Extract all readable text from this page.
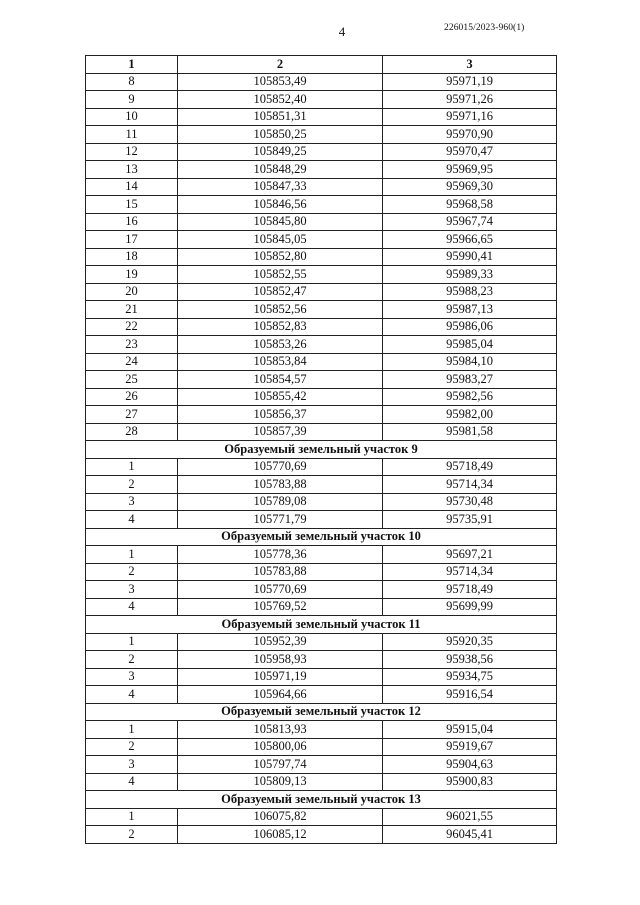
4	226015/2023-960(1)
1	2	3
8	105853,49	95971,19
9	105852,40	95971,26
10	105851,31	95971,16
11	105850,25	95970,90
12	105849,25	95970,47
13	105848,29	95969,95
14	105847,33	95969,30
15	105846,56	95968,58
16	105845,80	95967,74
17	105845,05	95966,65
18	105852,80	95990,41
19	105852,55	95989,33
20	105852,47	95988,23
21	105852,56	95987,13
22	105852,83	95986,06
23	105853,26	95985,04
24	105853,84	95984,10
25	105854,57	95983,27
26	105855,42	95982,56
27	105856,37	95982,00
28	105857,39	95981,58
Образуемый земельный участок 9		
1	105770,69	95718,49
2	105783,88	95714,34
3	105789,08	95730,48
4	105771,79	95735,91
Образуемый земельный участок 10		
1	105778,36	95697,21
2	105783,88	95714,34
3	105770,69	95718,49
4	105769,52	95699,99
Образуемый земельный участок 11		
1	105952,39	95920,35
2	105958,93	95938,56
3	105971,19	95934,75
4	105964,66	95916,54
Образуемый земельный участок 12		
1	105813,93	95915,04
2	105800,06	95919,67
3	105797,74	95904,63
4	105809,13	95900,83
Образуемый земельный участок 13		
1	106075,82	96021,55
2	106085,12	96045,41
